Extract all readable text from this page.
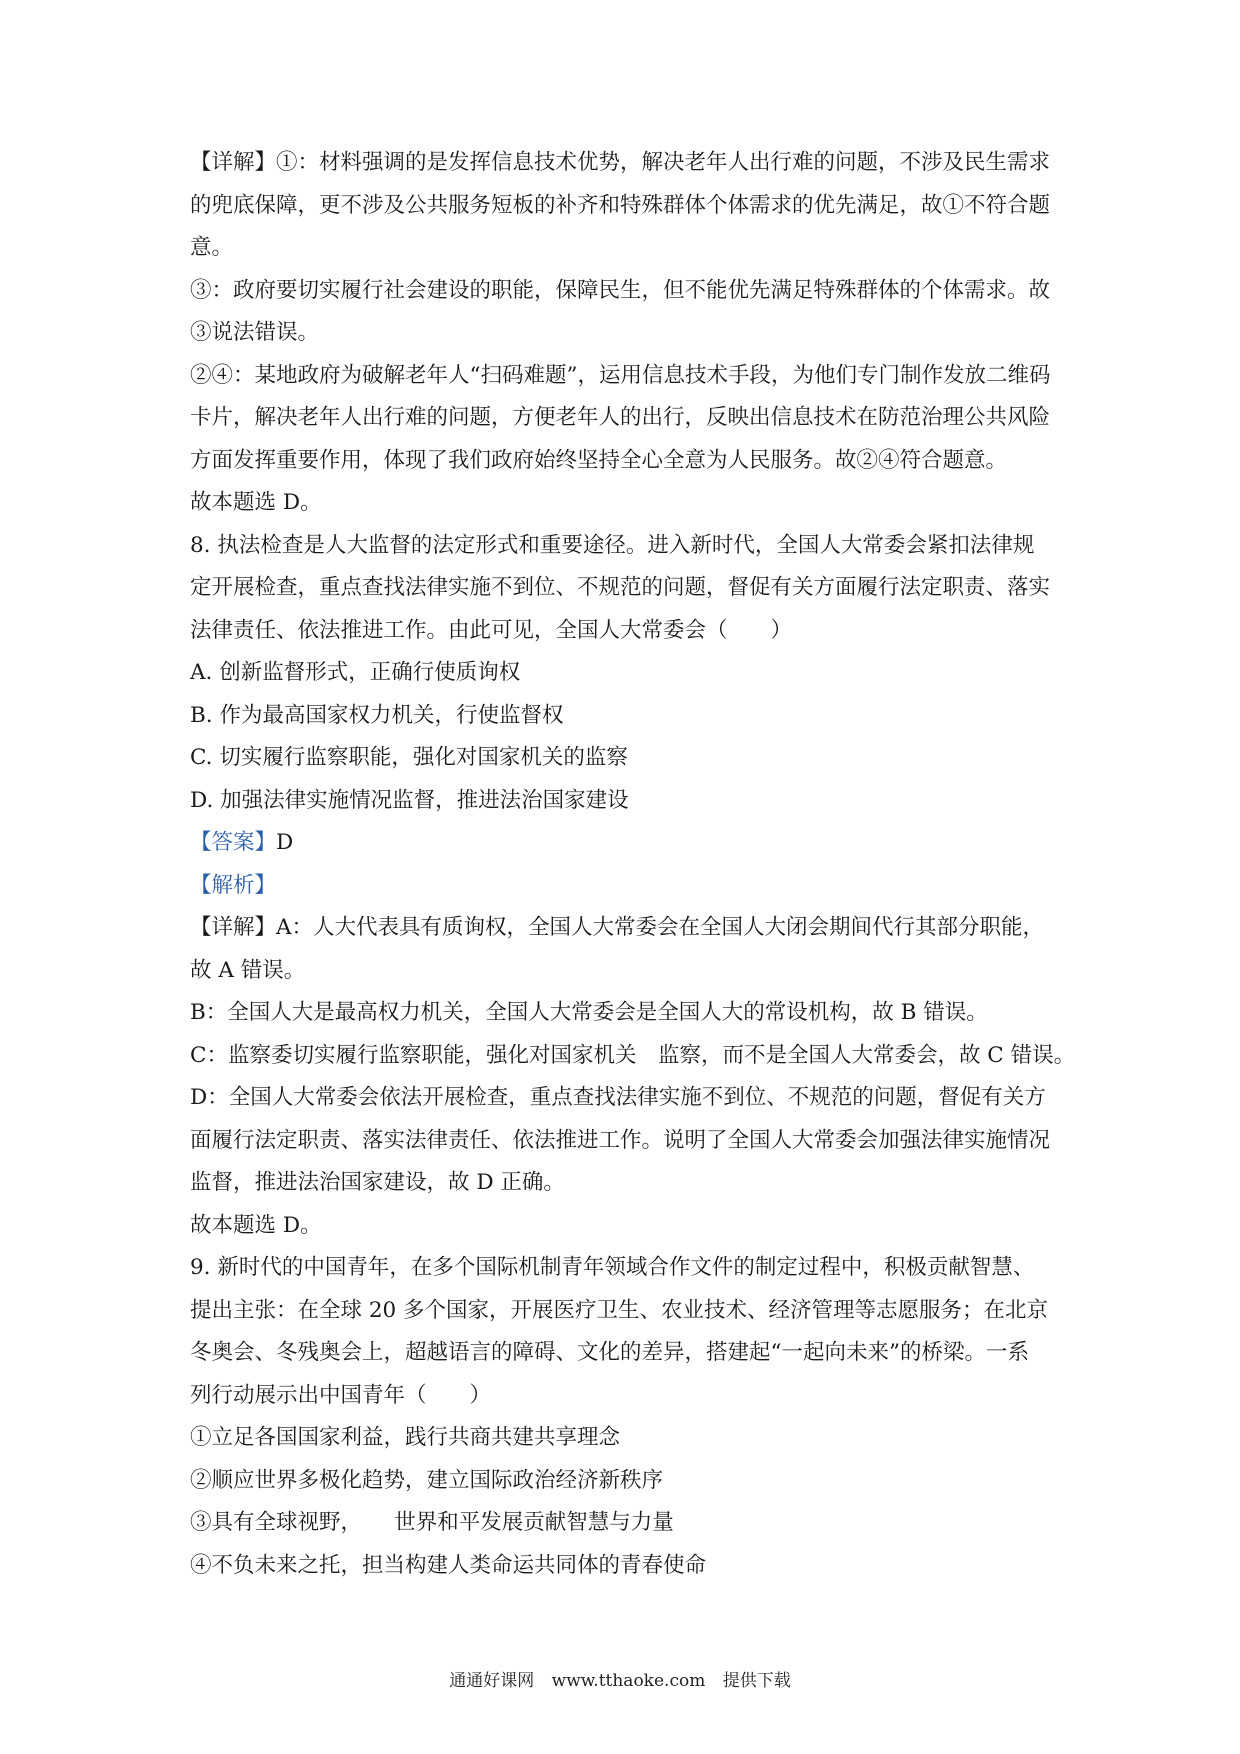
【详解】①：材料强调的是发挥信息技术优势，解决老年人出行难的问题，不涉及民生需求
的兜底保障，更不涉及公共服务短板的补齐和特殊群体个体需求的优先满足，故①不符合题
意。
③：政府要切实履行社会建设的职能，保障民生，但不能优先满足特殊群体的个体需求。故
③说法错误。
②④：某地政府为破解老年人“扫码难题”，运用信息技术手段，为他们专门制作发放二维码
卡片，解决老年人出行难的问题，方便老年人的出行，反映出信息技术在防范治理公共风险
方面发挥重要作用，体现了我们政府始终坚持全心全意为人民服务。故②④符合题意。
故本题选 D。
8. 执法检查是人大监督的法定形式和重要途径。进入新时代，全国人大常委会紧扣法律规
定开展检查，重点查找法律实施不到位、不规范的问题，督促有关方面履行法定职责、落实
法律责任、依法推进工作。由此可见，全国人大常委会（　　）
A. 创新监督形式，正确行使质询权
B. 作为最高国家权力机关，行使监督权
C. 切实履行监察职能，强化对国家机关的监察
D. 加强法律实施情况监督，推进法治国家建设
【答案】D
【解析】
【详解】A：人大代表具有质询权，全国人大常委会在全国人大闭会期间代行其部分职能，
故 A 错误。
B：全国人大是最高权力机关，全国人大常委会是全国人大的常设机构，故 B 错误。
C：监察委切实履行监察职能，强化对国家机关　监察，而不是全国人大常委会，故 C 错误。
D：全国人大常委会依法开展检查，重点查找法律实施不到位、不规范的问题，督促有关方
面履行法定职责、落实法律责任、依法推进工作。说明了全国人大常委会加强法律实施情况
监督，推进法治国家建设，故 D 正确。
故本题选 D。
9. 新时代的中国青年，在多个国际机制青年领域合作文件的制定过程中，积极贡献智慧、
提出主张：在全球 20 多个国家，开展医疗卫生、农业技术、经济管理等志愿服务；在北京
冬奥会、冬残奥会上，超越语言的障碍、文化的差异，搭建起“一起向未来”的桥梁。一系
列行动展示出中国青年（　　）
①立足各国国家利益，践行共商共建共享理念
②顺应世界多极化趋势，建立国际政治经济新秩序
③具有全球视野，　　世界和平发展贡献智慧与力量
④不负未来之托，担当构建人类命运共同体的青春使命
通通好课网 www.tthaoke.com 提供下载
